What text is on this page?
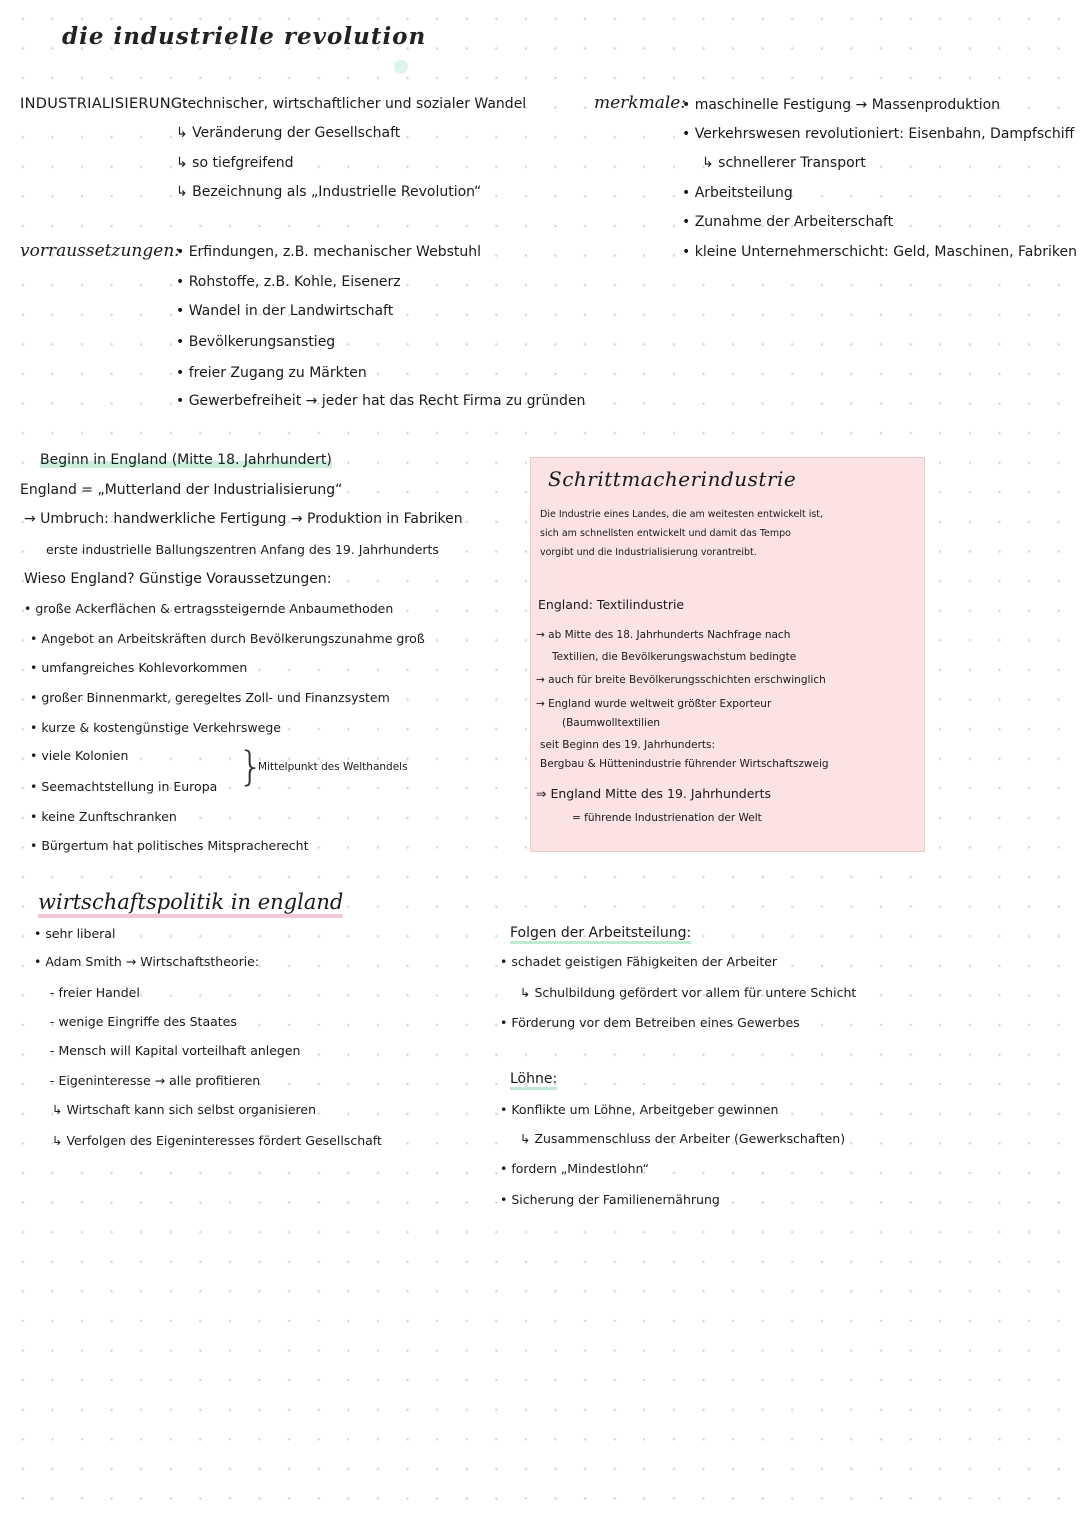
die industrielle revolution
INDUSTRIALISIERUNG:
technischer, wirtschaftlicher und sozialer Wandel
↳ Veränderung der Gesellschaft
↳ so tiefgreifend
↳ Bezeichnung als „Industrielle Revolution“
merkmale:
• maschinelle Festigung → Massenproduktion
• Verkehrswesen revolutioniert: Eisenbahn, Dampfschiff
↳ schnellerer Transport
• Arbeitsteilung
• Zunahme der Arbeiterschaft
• kleine Unternehmerschicht: Geld, Maschinen, Fabriken
vorraussetzungen:
• Erfindungen, z.B. mechanischer Webstuhl
• Rohstoffe, z.B. Kohle, Eisenerz
• Wandel in der Landwirtschaft
• Bevölkerungsanstieg
• freier Zugang zu Märkten
• Gewerbefreiheit → jeder hat das Recht Firma zu gründen
Beginn in England (Mitte 18. Jahrhundert)
England = „Mutterland der Industrialisierung“
→ Umbruch: handwerkliche Fertigung → Produktion in Fabriken
erste industrielle Ballungszentren Anfang des 19. Jahrhunderts
Wieso England? Günstige Voraussetzungen:
• große Ackerflächen & ertragssteigernde Anbaumethoden
• Angebot an Arbeitskräften durch Bevölkerungszunahme groß
• umfangreiches Kohlevorkommen
• großer Binnenmarkt, geregeltes Zoll- und Finanzsystem
• kurze & kostengünstige Verkehrswege
• viele Kolonien
• Seemachtstellung in Europa
• keine Zunftschranken
• Bürgertum hat politisches Mitspracherecht
}
Mittelpunkt des Welthandels
Schrittmacherindustrie
Die Industrie eines Landes, die am weitesten entwickelt ist,
sich am schnellsten entwickelt und damit das Tempo
vorgibt und die Industrialisierung vorantreibt.
England: Textilindustrie
→ ab Mitte des 18. Jahrhunderts Nachfrage nach
Textilien, die Bevölkerungswachstum bedingte
→ auch für breite Bevölkerungsschichten erschwinglich
→ England wurde weltweit größter Exporteur
(Baumwolltextilien
seit Beginn des 19. Jahrhunderts:
Bergbau & Hüttenindustrie führender Wirtschaftszweig
⇒ England Mitte des 19. Jahrhunderts
= führende Industrienation der Welt
wirtschaftspolitik in england
• sehr liberal
• Adam Smith → Wirtschaftstheorie:
- freier Handel
- wenige Eingriffe des Staates
- Mensch will Kapital vorteilhaft anlegen
- Eigeninteresse → alle profitieren
↳ Wirtschaft kann sich selbst organisieren
↳ Verfolgen des Eigeninteresses fördert Gesellschaft
Folgen der Arbeitsteilung:
• schadet geistigen Fähigkeiten der Arbeiter
↳ Schulbildung gefördert vor allem für untere Schicht
• Förderung vor dem Betreiben eines Gewerbes
Löhne:
• Konflikte um Löhne, Arbeitgeber gewinnen
↳ Zusammenschluss der Arbeiter (Gewerkschaften)
• fordern „Mindestlohn“
• Sicherung der Familienernährung
